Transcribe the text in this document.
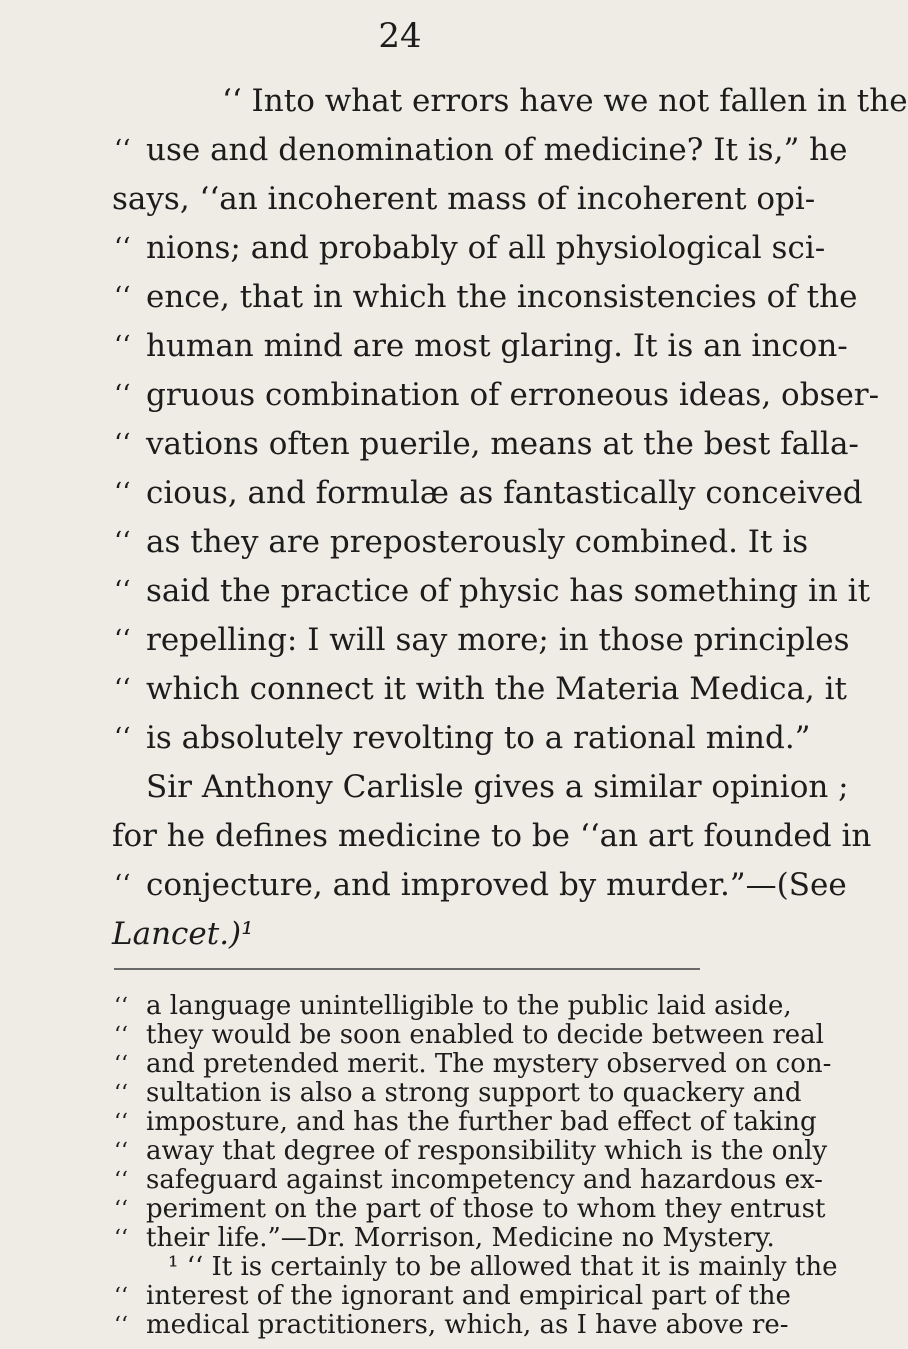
24
‘‘ Into what errors have we not fallen in the
‘‘ use and denomination of medicine? It is,” he
says, ‘‘an incoherent mass of incoherent opi-
‘‘ nions; and probably of all physiological sci-
‘‘ ence, that in which the inconsistencies of the
‘‘ human mind are most glaring. It is an incon-
‘‘ gruous combination of erroneous ideas, obser-
‘‘ vations often puerile, means at the best falla-
‘‘ cious, and formulæ as fantastically conceived
‘‘ as they are preposterously combined. It is
‘‘ said the practice of physic has something in it
‘‘ repelling: I will say more; in those principles
‘‘ which connect it with the Materia Medica, it
‘‘ is absolutely revolting to a rational mind.”
Sir Anthony Carlisle gives a similar opinion ;
for he defines medicine to be ‘‘an art founded in
‘‘ conjecture, and improved by murder.”—(See
Lancet.)¹
‘‘ a language unintelligible to the public laid aside,
‘‘ they would be soon enabled to decide between real
‘‘ and pretended merit. The mystery observed on con-
‘‘ sultation is also a strong support to quackery and
‘‘ imposture, and has the further bad effect of taking
‘‘ away that degree of responsibility which is the only
‘‘ safeguard against incompetency and hazardous ex-
‘‘ periment on the part of those to whom they entrust
‘‘ their life.”—Dr. Morrison, Medicine no Mystery.
¹ ‘‘ It is certainly to be allowed that it is mainly the
‘‘ interest of the ignorant and empirical part of the
‘‘ medical practitioners, which, as I have above re-
